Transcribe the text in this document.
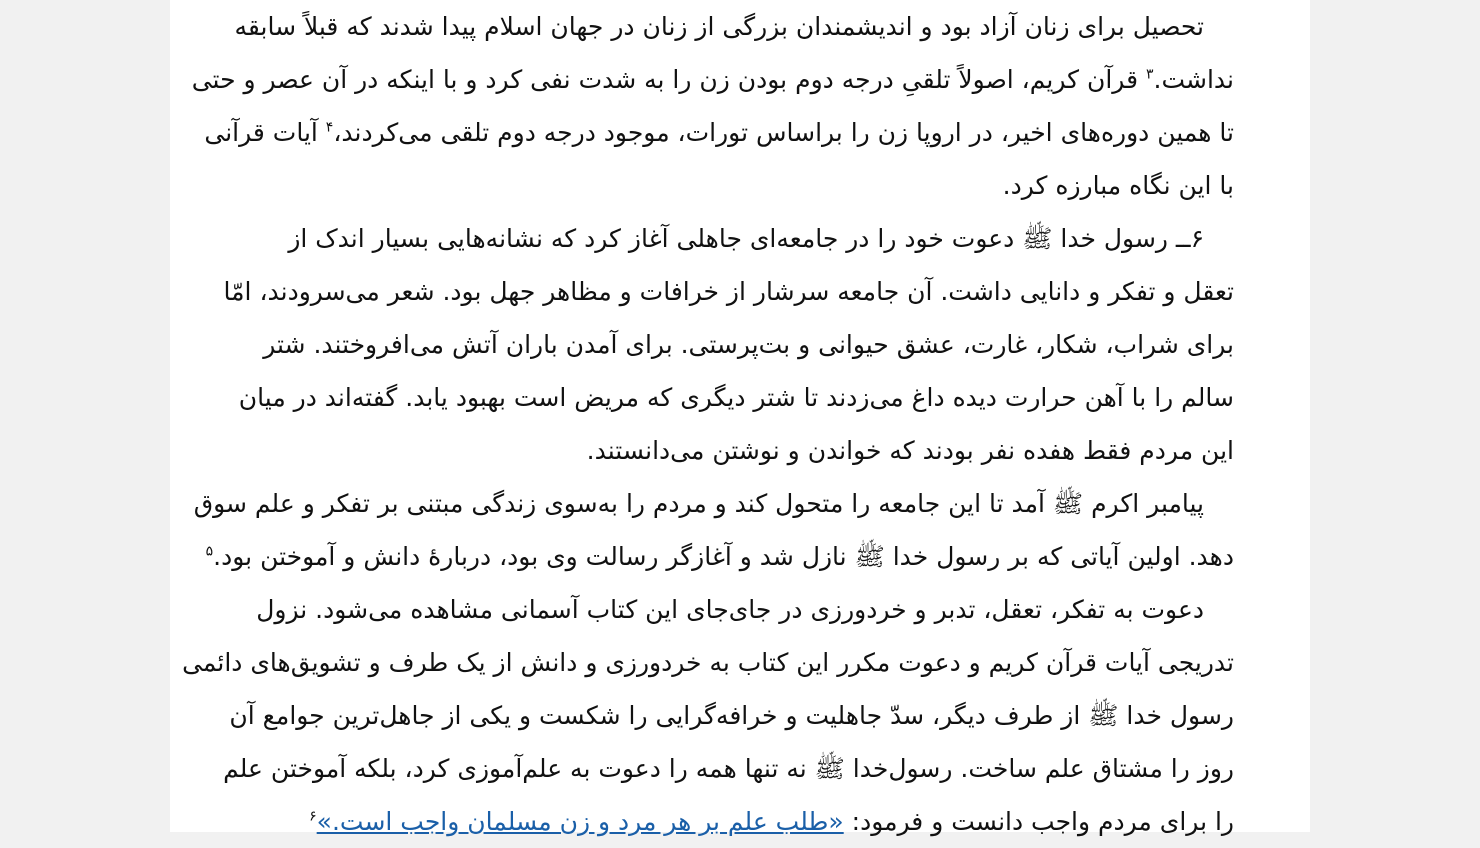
تحصیل برای زنان آزاد بود و اندیشمندان بزرگی از زنان در جهان اسلام پیدا شدند که قبلاً سابقه
نداشت.$^۳$ قرآن کریم، اصولاً تلقیِ درجه دوم بودن زن را به شدت نفی کرد و با اینکه در آن عصر و حتی
تا همین دوره‌های اخیر، در اروپا زن را براساس تورات، موجود درجه دوم تلقی می‌کردند،$^۴$ آیات قرآنی
با این نگاه مبارزه کرد.
۶ــ رسول خدا ﷺ دعوت خود را در جامعه‌ای جاهلی آغاز کرد که نشانه‌هایی بسیار اندک از
تعقل و تفکر و دانایی داشت. آن جامعه سرشار از خرافات و مظاهر جهل بود. شعر می‌سرودند، امّا
برای شراب، شکار، غارت، عشق حیوانی و بت‌پرستی. برای آمدن باران آتش می‌افروختند. شتر
سالم را با آهن حرارت دیده داغ می‌زدند تا شتر دیگری که مریض است بهبود یابد. گفته‌اند در میان
این مردم فقط هفده نفر بودند که خواندن و نوشتن می‌دانستند.
پیامبر اکرم ﷺ آمد تا این جامعه را متحول کند و مردم را به‌سوی زندگی مبتنی بر تفکر و علم سوق
دهد. اولین آیاتی که بر رسول خدا ﷺ نازل شد و آغازگر رسالت وی بود، دربارهٔ دانش و آموختن بود.$^۵$
دعوت به تفکر، تعقل، تدبر و خردورزی در جای‌جای این کتاب آسمانی مشاهده می‌شود. نزول
تدریجی آیات قرآن کریم و دعوت مکرر این کتاب به خردورزی و دانش از یک طرف و تشویق‌های دائمی
رسول خدا ﷺ از طرف دیگر، سدّ جاهلیت و خرافه‌گرایی را شکست و یکی از جاهل‌ترین جوامع آن
روز را مشتاق علم ساخت. رسول‌خدا ﷺ نه تنها همه را دعوت به علم‌آموزی کرد، بلکه آموختن علم
را برای مردم واجب دانست و فرمود: «طلب علم بر هر مرد و زن مسلمان واجب است.»$^۶$
